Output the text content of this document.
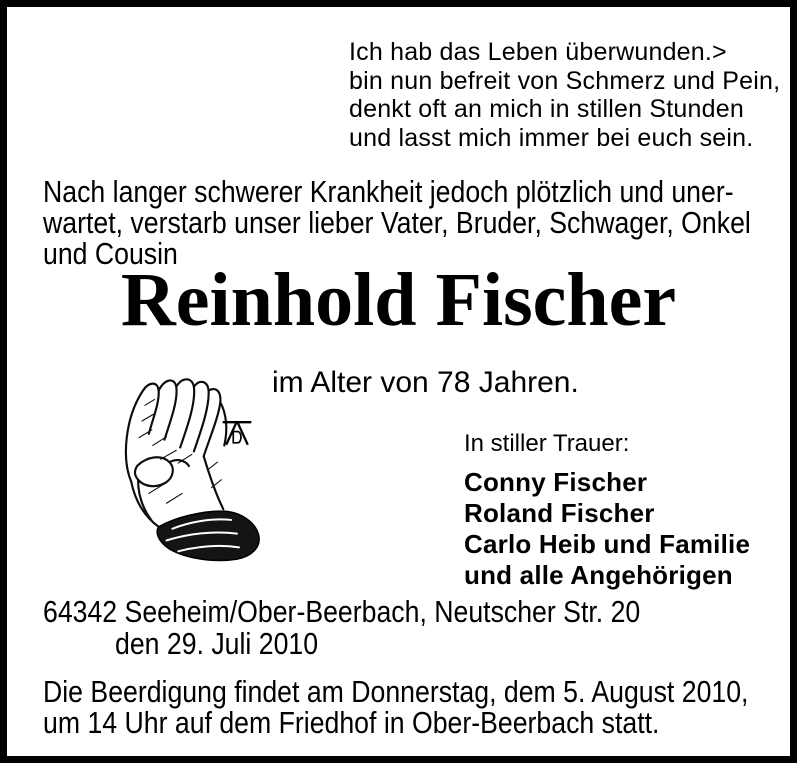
Ich hab das Leben überwunden.>
bin nun befreit von Schmerz und Pein,
denkt oft an mich in stillen Stunden
und lasst mich immer bei euch sein.
Nach langer schwerer Krankheit jedoch plötzlich und uner-
wartet, verstarb unser lieber Vater, Bruder, Schwager, Onkel
und Cousin
Reinhold Fischer
im Alter von 78 Jahren.
In stiller Trauer:
Conny Fischer
Roland Fischer
Carlo Heib und Familie
und alle Angehörigen
64342 Seeheim/Ober-Beerbach, Neutscher Str. 20
den 29. Juli 2010
Die Beerdigung findet am Donnerstag, dem 5. August 2010,
um 14 Uhr auf dem Friedhof in Ober-Beerbach statt.
